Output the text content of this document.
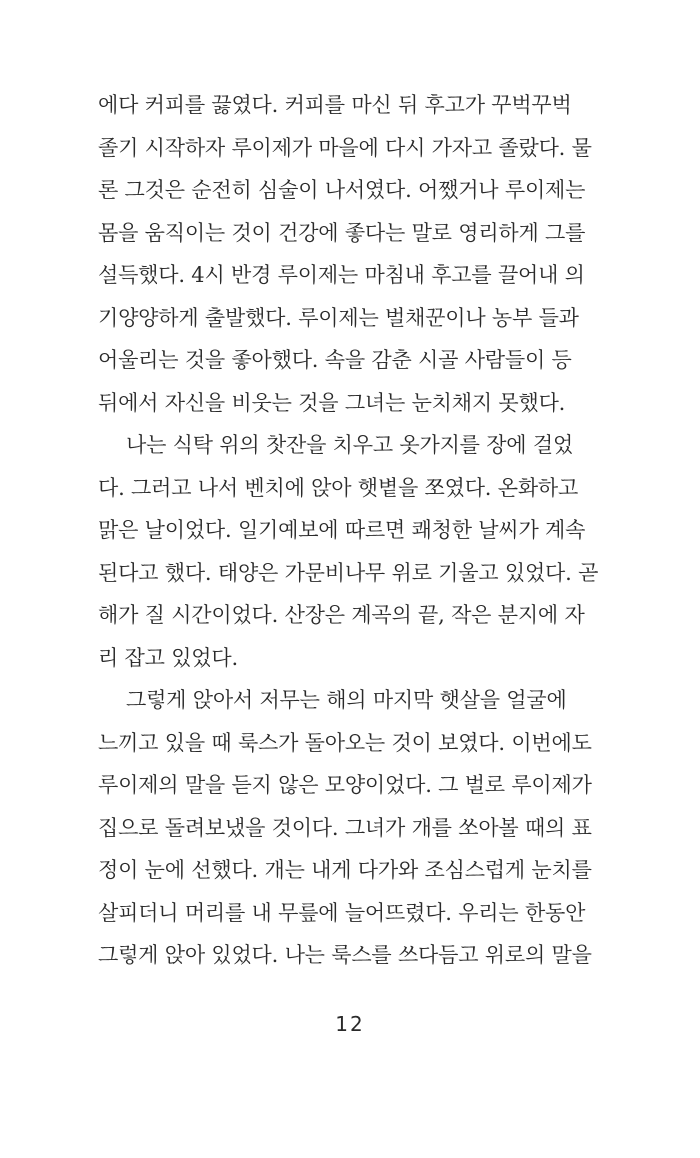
에다 커피를 끓였다. 커피를 마신 뒤 후고가 꾸벅꾸벅
졸기 시작하자 루이제가 마을에 다시 가자고 졸랐다. 물
론 그것은 순전히 심술이 나서였다. 어쨌거나 루이제는
몸을 움직이는 것이 건강에 좋다는 말로 영리하게 그를
설득했다. 4시 반경 루이제는 마침내 후고를 끌어내 의
기양양하게 출발했다. 루이제는 벌채꾼이나 농부 들과
어울리는 것을 좋아했다. 속을 감춘 시골 사람들이 등
뒤에서 자신을 비웃는 것을 그녀는 눈치채지 못했다.
나는 식탁 위의 찻잔을 치우고 옷가지를 장에 걸었
다. 그러고 나서 벤치에 앉아 햇볕을 쪼였다. 온화하고
맑은 날이었다. 일기예보에 따르면 쾌청한 날씨가 계속
된다고 했다. 태양은 가문비나무 위로 기울고 있었다. 곧
해가 질 시간이었다. 산장은 계곡의 끝, 작은 분지에 자
리 잡고 있었다.
그렇게 앉아서 저무는 해의 마지막 햇살을 얼굴에
느끼고 있을 때 룩스가 돌아오는 것이 보였다. 이번에도
루이제의 말을 듣지 않은 모양이었다. 그 벌로 루이제가
집으로 돌려보냈을 것이다. 그녀가 개를 쏘아볼 때의 표
정이 눈에 선했다. 개는 내게 다가와 조심스럽게 눈치를
살피더니 머리를 내 무릎에 늘어뜨렸다. 우리는 한동안
그렇게 앉아 있었다. 나는 룩스를 쓰다듬고 위로의 말을
12
